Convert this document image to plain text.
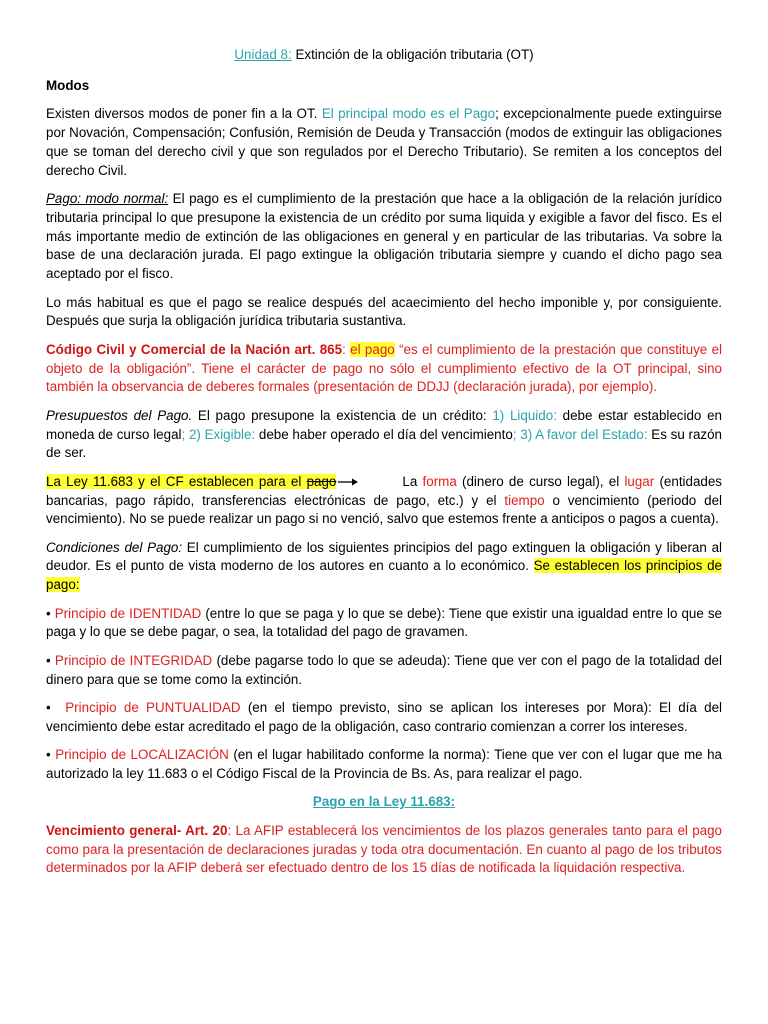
Unidad 8: Extinción de la obligación tributaria (OT)

Modos

Existen diversos modos de poner fin a la OT. El principal modo es el Pago; excepcionalmente puede extinguirse por Novación, Compensación; Confusión, Remisión de Deuda y Transacción (modos de extinguir las obligaciones que se toman del derecho civil y que son regulados por el Derecho Tributario). Se remiten a los conceptos del derecho Civil.

Pago: modo normal: El pago es el cumplimiento de la prestación que hace a la obligación de la relación jurídico tributaria principal lo que presupone la existencia de un crédito por suma liquida y exigible a favor del fisco. Es el más importante medio de extinción de las obligaciones en general y en particular de las tributarias. Va sobre la base de una declaración jurada. El pago extingue la obligación tributaria siempre y cuando el dicho pago sea aceptado por el fisco.

Lo más habitual es que el pago se realice después del acaecimiento del hecho imponible y, por consiguiente. Después que surja la obligación jurídica tributaria sustantiva.

Código Civil y Comercial de la Nación art. 865: el pago “es el cumplimiento de la prestación que constituye el objeto de la obligación”. Tiene el carácter de pago no sólo el cumplimiento efectivo de la OT principal, sino también la observancia de deberes formales (presentación de DDJJ (declaración jurada), por ejemplo).

Presupuestos del Pago. El pago presupone la existencia de un crédito: 1) Liquido: debe estar establecido en moneda de curso legal; 2) Exigible: debe haber operado el día del vencimiento; 3) A favor del Estado: Es su razón de ser.

La Ley 11.683 y el CF establecen para el pago	La forma (dinero de curso legal), el lugar (entidades bancarias, pago rápido, transferencias electrónicas de pago, etc.) y el tiempo o vencimiento (periodo del vencimiento). No se puede realizar un pago si no venció, salvo que estemos frente a anticipos o pagos a cuenta).

Condiciones del Pago: El cumplimiento de los siguientes principios del pago extinguen la obligación y liberan al deudor. Es el punto de vista moderno de los autores en cuanto a lo económico. Se establecen los principios de pago:

• Principio de IDENTIDAD (entre lo que se paga y lo que se debe): Tiene que existir una igualdad entre lo que se paga y lo que se debe pagar, o sea, la totalidad del pago de gravamen.

• Principio de INTEGRIDAD (debe pagarse todo lo que se adeuda): Tiene que ver con el pago de la totalidad del dinero para que se tome como la extinción.

•  Principio de PUNTUALIDAD (en el tiempo previsto, sino se aplican los intereses por Mora): El día del vencimiento debe estar acreditado el pago de la obligación, caso contrario comienzan a correr los intereses.

• Principio de LOCALIZACIÓN (en el lugar habilitado conforme la norma): Tiene que ver con el lugar que me ha autorizado la ley 11.683 o el Código Fiscal de la Provincia de Bs. As, para realizar el pago.

Pago en la Ley 11.683:

Vencimiento general- Art. 20: La AFIP establecerá los vencimientos de los plazos generales tanto para el pago como para la presentación de declaraciones juradas y toda otra documentación. En cuanto al pago de los tributos determinados por la AFIP deberá ser efectuado dentro de los 15 días de notificada la liquidación respectiva.
